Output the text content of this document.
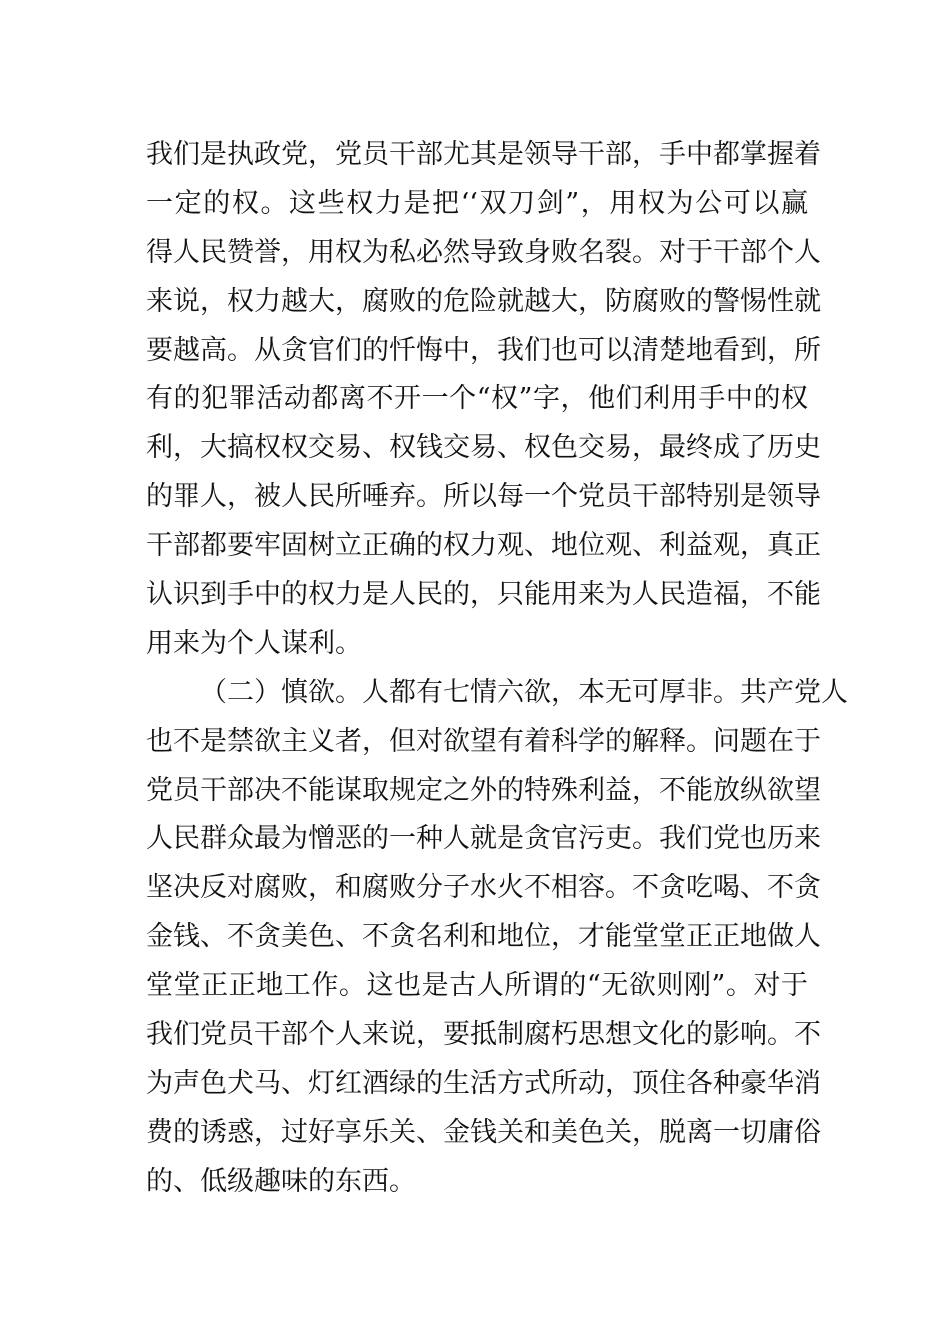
我们是执政党，党员干部尤其是领导干部，手中都掌握着
一定的权。这些权力是把‘‘双刀剑”，用权为公可以赢
得人民赞誉，用权为私必然导致身败名裂。对于干部个人
来说，权力越大，腐败的危险就越大，防腐败的警惕性就
要越高。从贪官们的忏悔中，我们也可以清楚地看到，所
有的犯罪活动都离不开一个“权”字，他们利用手中的权
利，大搞权权交易、权钱交易、权色交易，最终成了历史
的罪人，被人民所唾弃。所以每一个党员干部特别是领导
干部都要牢固树立正确的权力观、地位观、利益观，真正
认识到手中的权力是人民的，只能用来为人民造福，不能
用来为个人谋利。
（二）慎欲。人都有七情六欲，本无可厚非。共产党人
也不是禁欲主义者，但对欲望有着科学的解释。问题在于
党员干部决不能谋取规定之外的特殊利益，不能放纵欲望
人民群众最为憎恶的一种人就是贪官污吏。我们党也历来
坚决反对腐败，和腐败分子水火不相容。不贪吃喝、不贪
金钱、不贪美色、不贪名利和地位，才能堂堂正正地做人
堂堂正正地工作。这也是古人所谓的“无欲则刚”。对于
我们党员干部个人来说，要抵制腐朽思想文化的影响。不
为声色犬马、灯红酒绿的生活方式所动，顶住各种豪华消
费的诱惑，过好享乐关、金钱关和美色关，脱离一切庸俗
的、低级趣味的东西。
